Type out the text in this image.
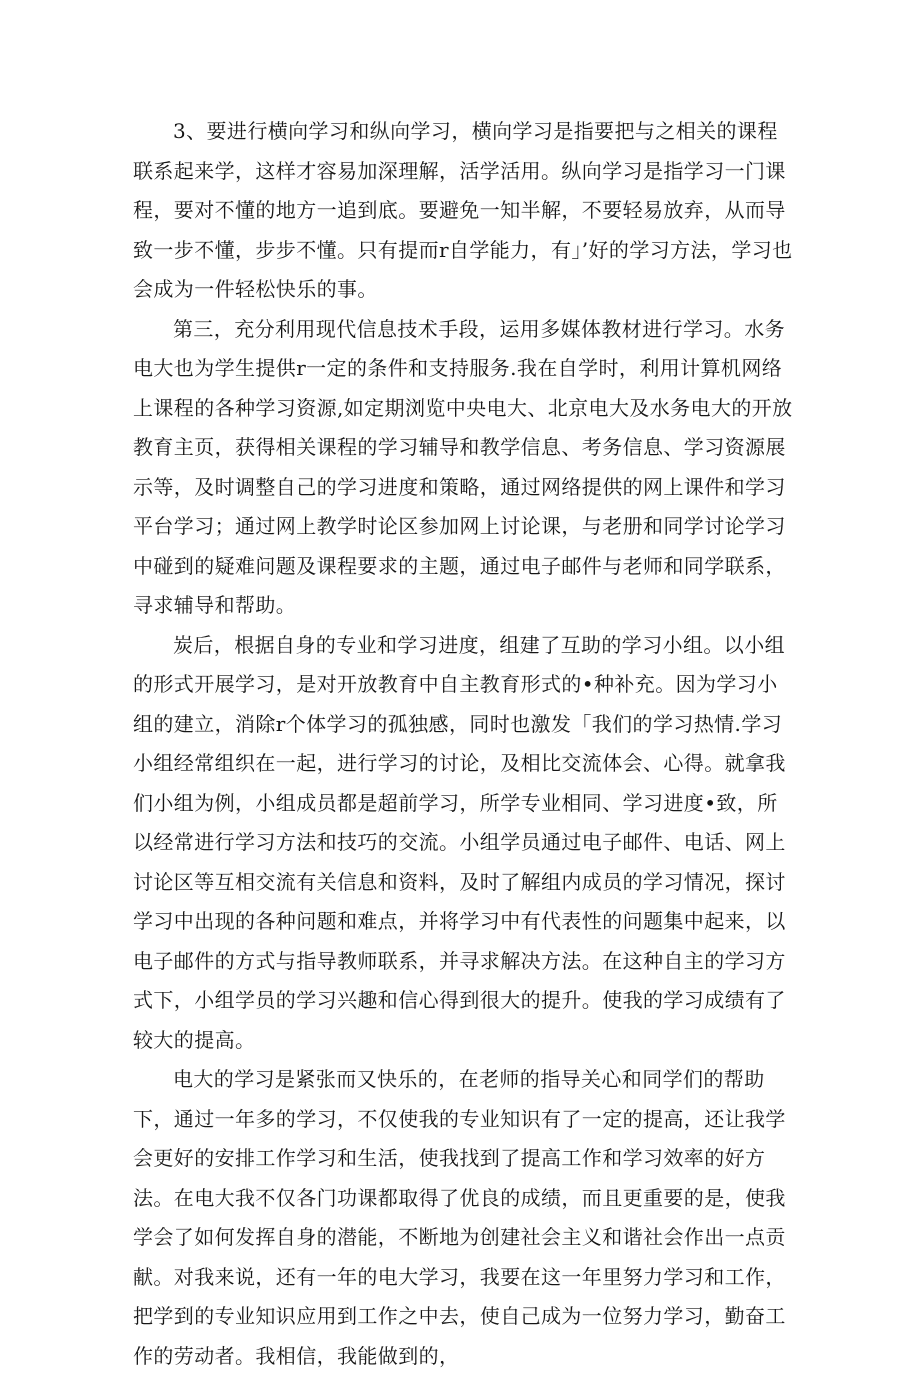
3、要进行横向学习和纵向学习，横向学习是指要把与之相关的课程联系起来学，这样才容易加深理解，活学活用。纵向学习是指学习一门课程，要对不懂的地方一追到底。要避免一知半解，不要轻易放弃，从而导致一步不懂，步步不懂。只有提而r自学能力，有」’好的学习方法，学习也会成为一件轻松快乐的事。

第三，充分利用现代信息技术手段，运用多媒体教材进行学习。水务电大也为学生提供r一定的条件和支持服务.我在自学时，利用计算机网络上课程的各种学习资源,如定期浏览中央电大、北京电大及水务电大的开放教育主页，获得相关课程的学习辅导和教学信息、考务信息、学习资源展示等，及时调整自己的学习进度和策略，通过网络提供的网上课件和学习平台学习；通过网上教学时论区参加网上讨论课，与老册和同学讨论学习中碰到的疑难问题及课程要求的主题，通过电子邮件与老师和同学联系，寻求辅导和帮助。

炭后，根据自身的专业和学习进度，组建了互助的学习小组。以小组的形式开展学习，是对开放教育中自主教育形式的•种补充。因为学习小组的建立，消除r个体学习的孤独感，同时也激发「我们的学习热情.学习小组经常组织在一起，进行学习的讨论，及相比交流体会、心得。就拿我们小组为例，小组成员都是超前学习，所学专业相同、学习进度•致，所以经常进行学习方法和技巧的交流。小组学员通过电子邮件、电话、网上讨论区等互相交流有关信息和资料，及时了解组内成员的学习情况，探讨学习中出现的各种问题和难点，并将学习中有代表性的问题集中起来，以电子邮件的方式与指导教师联系，并寻求解决方法。在这种自主的学习方式下，小组学员的学习兴趣和信心得到很大的提升。使我的学习成绩有了较大的提高。

电大的学习是紧张而又快乐的，在老师的指导关心和同学们的帮助下，通过一年多的学习，不仅使我的专业知识有了一定的提高，还让我学会更好的安排工作学习和生活，使我找到了提高工作和学习效率的好方法。在电大我不仅各门功课都取得了优良的成绩，而且更重要的是，使我学会了如何发挥自身的潜能，不断地为创建社会主义和谐社会作出一点贡献。对我来说，还有一年的电大学习，我要在这一年里努力学习和工作，把学到的专业知识应用到工作之中去，使自己成为一位努力学习，勤奋工作的劳动者。我相信，我能做到的，
